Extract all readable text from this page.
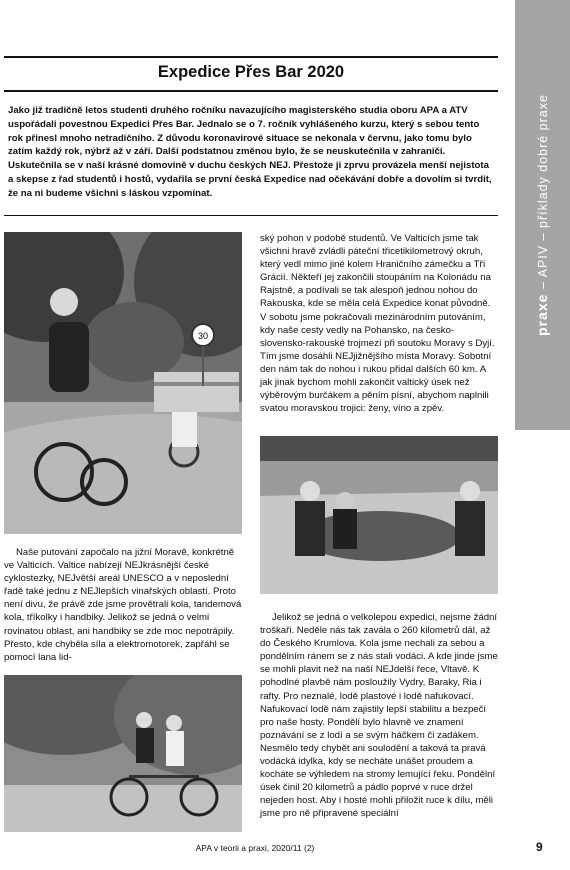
praxe – APIV – příklady dobré praxe
Expedice Přes Bar 2020
Jako již tradičně letos studenti druhého ročníku navazujícího magisterského studia oboru APA a ATV uspořádali povestnou Expedici Přes Bar. Jednalo se o 7. ročník vyhlášeného kurzu, který s sebou tento rok přinesl mnoho netradičního. Z důvodu koronavirové situace se nekonala v červnu, jako tomu bylo zatím každý rok, nýbrž až v září. Další podstatnou změnou bylo, že se neuskutečnila v zahraničí. Uskutečnila se v naší krásné domovině v duchu českých NEJ. Přestože ji zprvu provázela menší nejistota a skepse z řad studentů i hostů, vydařila se první česká Expedice nad očekávání dobře a dovolím si tvrdit, že na ni budeme všichni s láskou vzpomínat.
30

Naše putování započalo na jižní Moravě, konkrétně ve Valticích. Valtice nabízejí NEJkrásnější české cyklostezky, NEJvětší areál UNESCO a v neposlední řadě také jednu z NEJlepších vinařských oblastí. Proto není divu, že právě zde jsme provětrali kola, tandemová kola, tříkolky i handbiky. Jelikož se jedná o velmi rovinatou oblast, ani handbiky se zde moc nepotrápily. Přesto, kde chyběla síla a elektromotorek, zapřáhl se pomocí lana lid-

ský pohon v podobě studentů. Ve Valticích jsme tak všichni hravě zvládli páteční třicetikilometrový okruh, který vedl mimo jiné kolem Hraničního zámečku a Tří Grácií. Někteří jej zakončili stoupáním na Kolonádu na Rajstně, a podívali se tak alespoň jednou nohou do Rakouska, kde se měla celá Expedice konat původně. V sobotu jsme pokračovali mezinárodním putováním, kdy naše cesty vedly na Pohansko, na česko-slovensko-rakouské trojmezí při soutoku Moravy s Dyjí. Tím jsme dosáhli NEJjižnějšího místa Moravy. Sobotní den nám tak do nohou i rukou přidal dalších 60 km. A jak jinak bychom mohli zakončit valtický úsek než výběrovým burčákem a pěním písní, abychom naplnili svatou moravskou trojici: ženy, víno a zpěv.

Jelikož se jedná o velkolepou expedici, nejsme žádní troškaři. Neděle nás tak zavála o 260 kilometrů dál, až do Českého Krumlova. Kola jsme nechali za sebou a pondělním ránem se z nás stali vodáci. A kde jinde jsme se mohli plavit než na naší NEJdelší řece, Vltavě. K pohodlné plavbě nám posloužily Vydry, Baraky, Ria i rafty. Pro neznalé, lodě plastové i lodě nafukovací. Nafukovací lodě nám zajistily lepší stabilitu a bezpečí pro naše hosty. Pondělí bylo hlavně ve znamení poznávání se z lodí a se svým háčkem či zadákem. Nesmělo tedy chybět ani soulodění a taková ta pravá vodácká idylka, kdy se necháte unášet proudem a kocháte se výhledem na stromy lemující řeku. Pondělní úsek činil 20 kilometrů a pádlo poprvé v ruce držel nejeden host. Aby i hosté mohli přiložit ruce k dílu, měli jsme pro ně připravené speciální

APA v teorii a praxi, 2020/11 (2)	9
